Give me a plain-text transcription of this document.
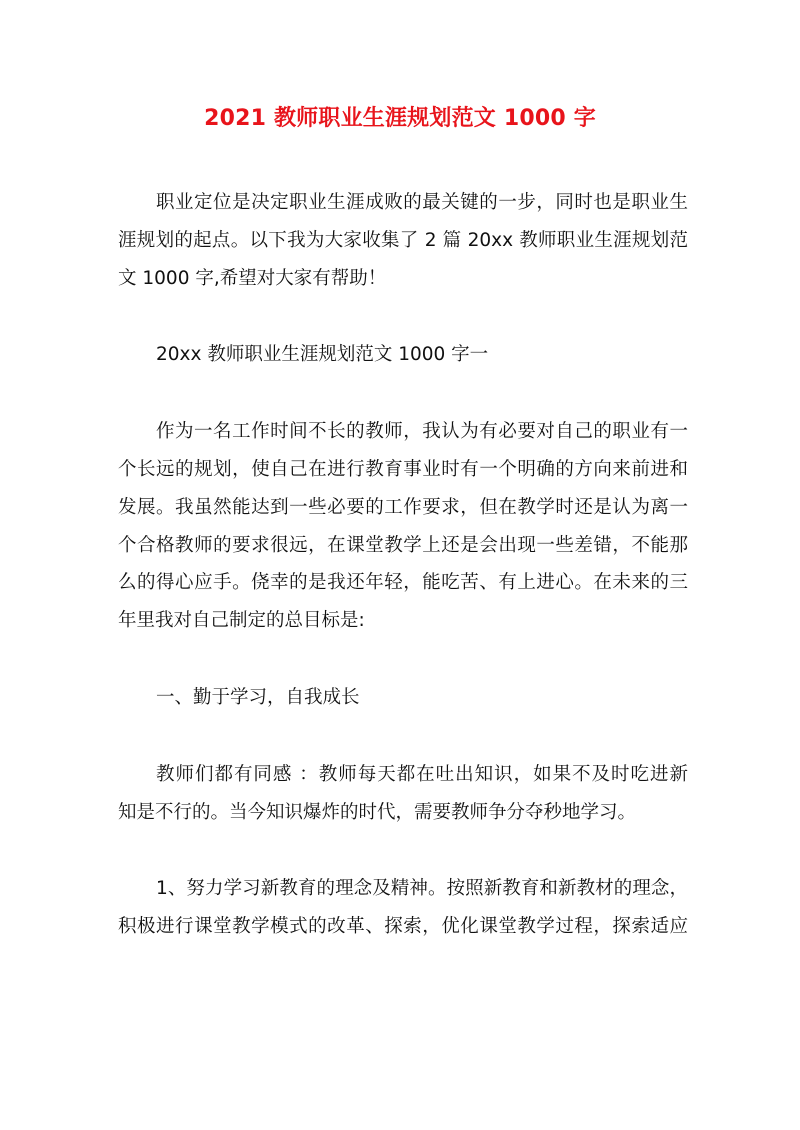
2021 教师职业生涯规划范文 1000 字
职业定位是决定职业生涯成败的最关键的一步，同时也是职业生
涯规划的起点。以下我为大家收集了 2 篇 20xx 教师职业生涯规划范
文 1000 字,希望对大家有帮助！
20xx 教师职业生涯规划范文 1000 字一
作为一名工作时间不长的教师，我认为有必要对自己的职业有一
个长远的规划，使自己在进行教育事业时有一个明确的方向来前进和
发展。我虽然能达到一些必要的工作要求，但在教学时还是认为离一
个合格教师的要求很远，在课堂教学上还是会出现一些差错，不能那
么的得心应手。侥幸的是我还年轻，能吃苦、有上进心。在未来的三
年里我对自己制定的总目标是:
一、勤于学习，自我成长
教师们都有同感 ：教师每天都在吐出知识，如果不及时吃进新
知是不行的。当今知识爆炸的时代，需要教师争分夺秒地学习。
1、努力学习新教育的理念及精神。按照新教育和新教材的理念，
积极进行课堂教学模式的改革、探索，优化课堂教学过程，探索适应
